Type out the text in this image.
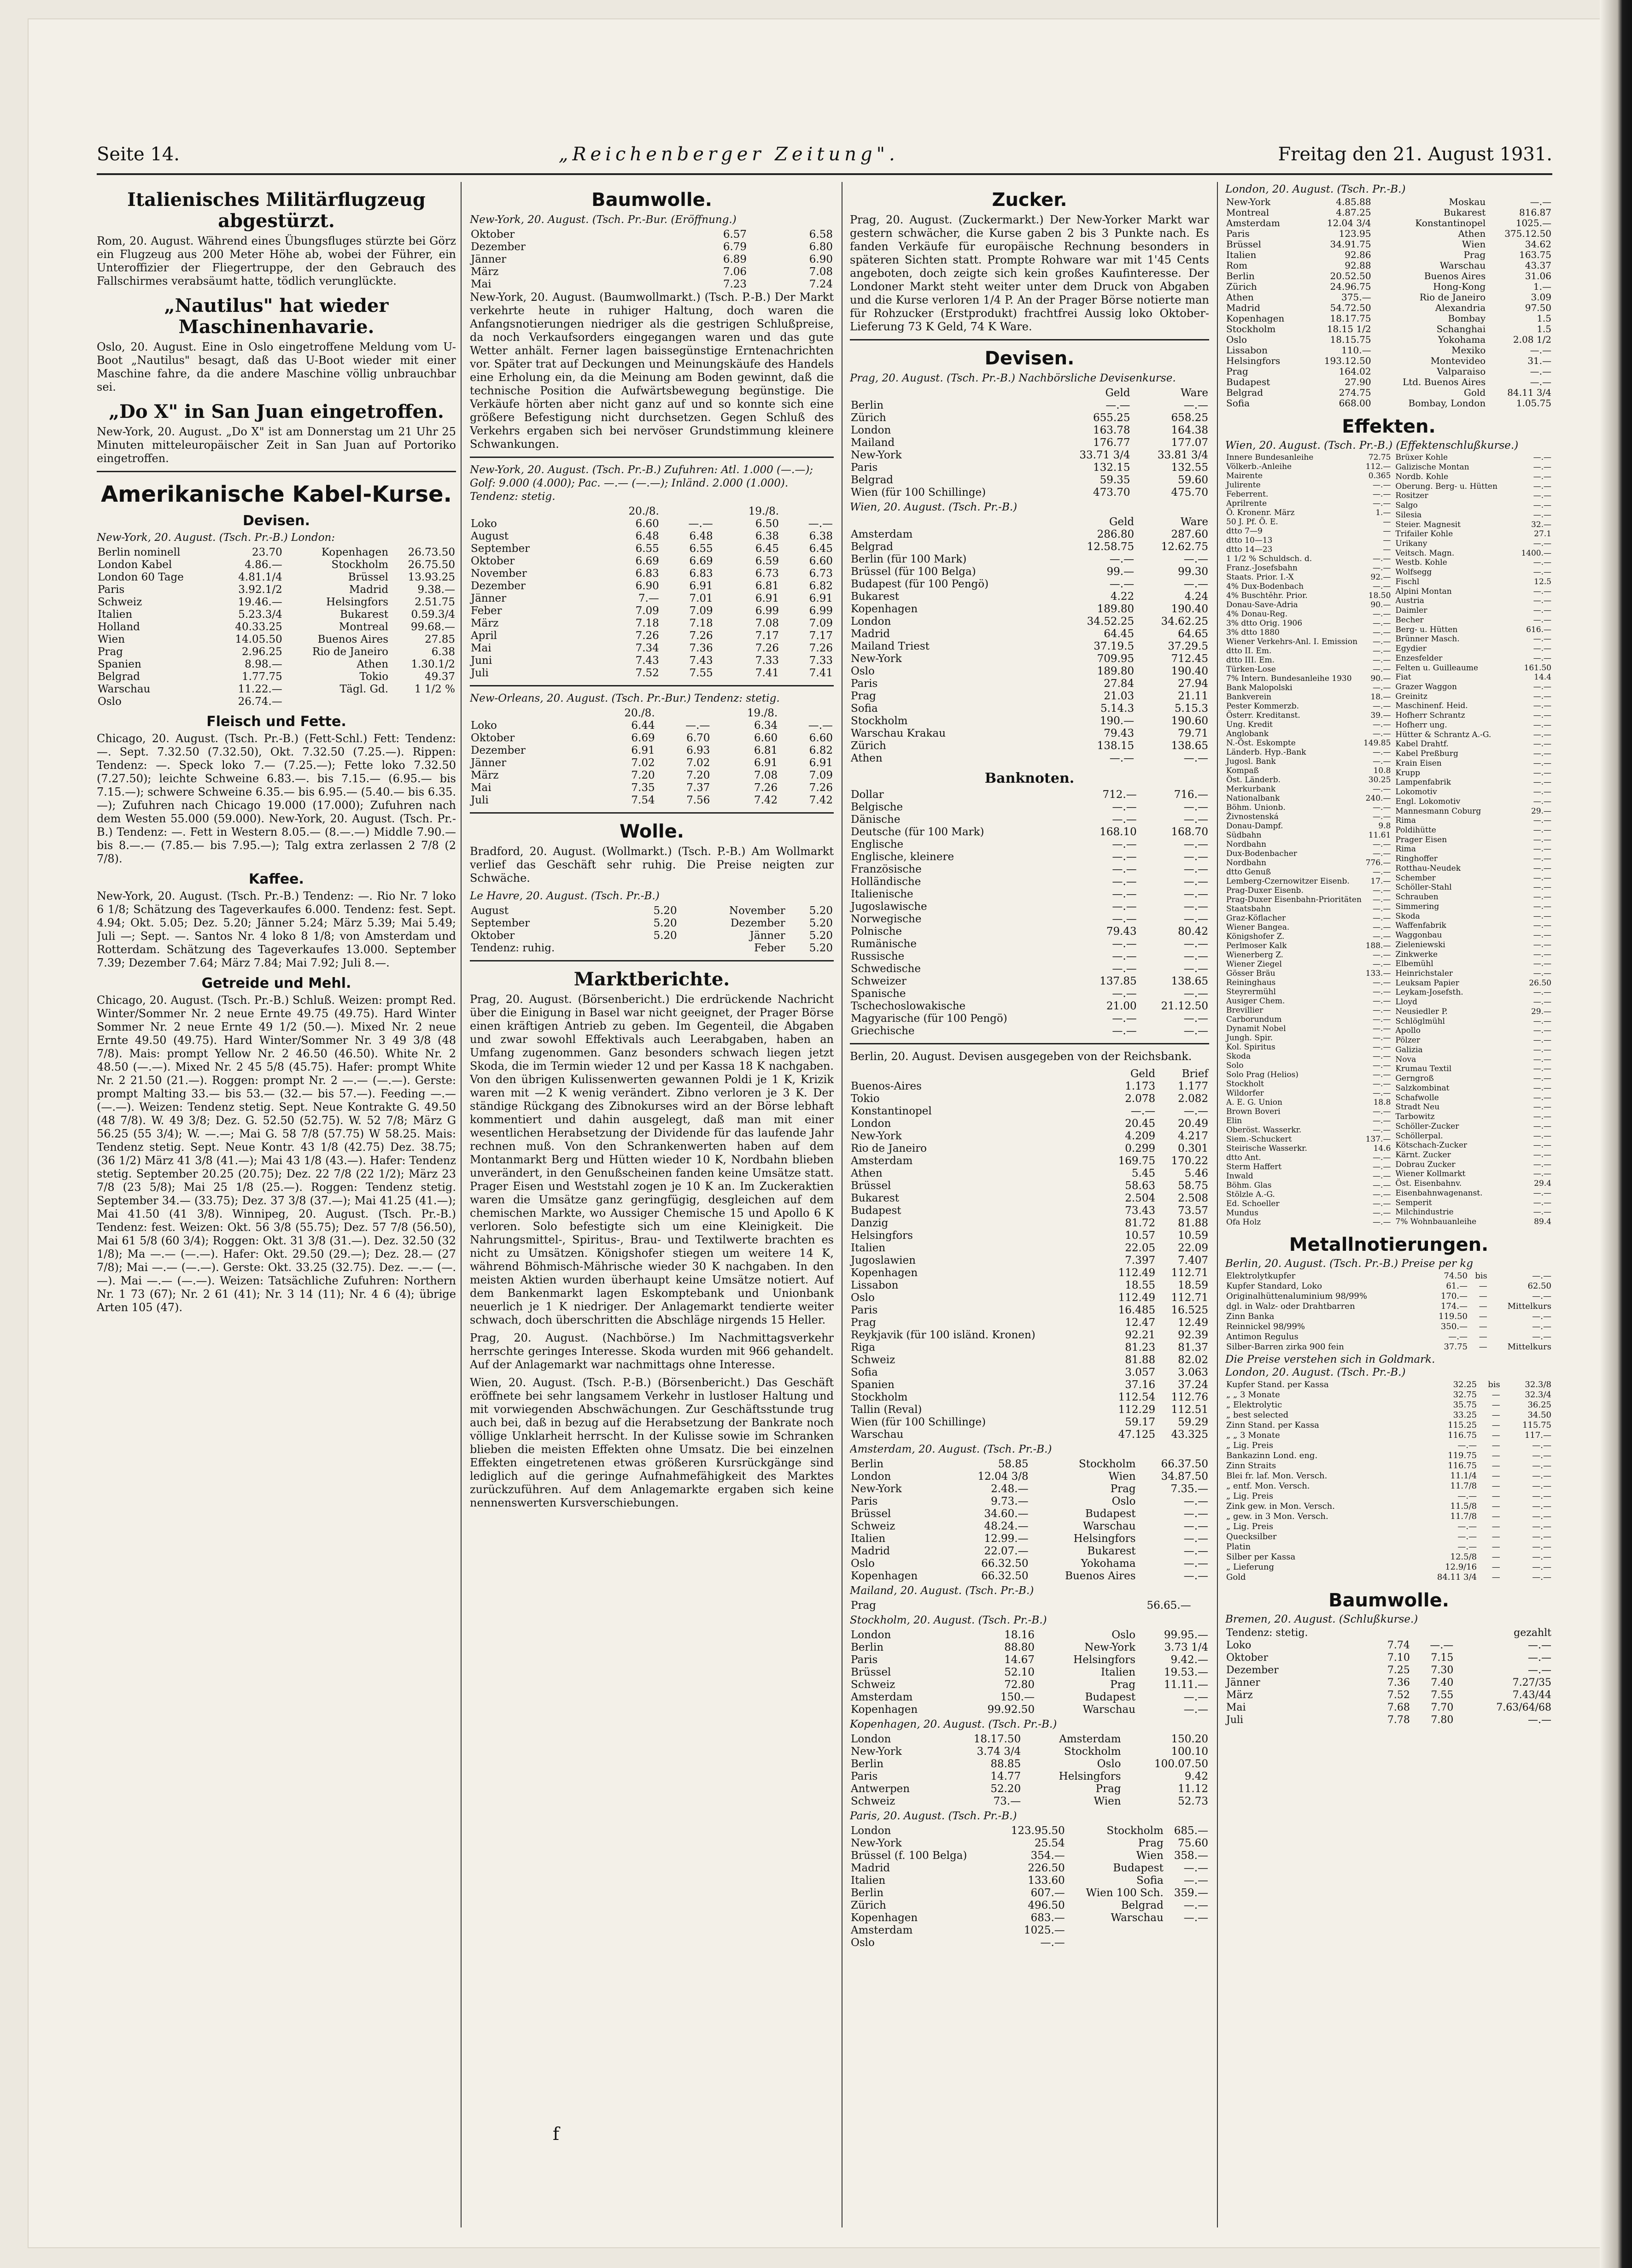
Seite 14.	„Reichenberger Zeitung".	Freitag den 21. August 1931.
Italienisches Militärflugzeug abgestürzt.

Rom, 20. August. Während eines Übungsfluges stürzte bei Görz ein Flugzeug aus 200 Meter Höhe ab, wobei der Führer, ein Unteroffizier der Fliegertruppe, der den Gebrauch des Fallschirmes verabsäumt hatte, tödlich verunglückte.

„Nautilus" hat wieder Maschinenhavarie.

Oslo, 20. August. Eine in Oslo eingetroffene Meldung vom U-Boot „Nautilus" besagt, daß das U-Boot wieder mit einer Maschine fahre, da die andere Maschine völlig unbrauchbar sei.

„Do X" in San Juan eingetroffen.

New-York, 20. August. „Do X" ist am Donnerstag um 21 Uhr 25 Minuten mitteleuropäischer Zeit in San Juan auf Portoriko eingetroffen.

Amerikanische Kabel-Kurse.
Devisen.
New-York, 20. August. (Tsch. Pr.-B.) London:
Berlin nominell	23.70	Kopenhagen	26.73.50
London Kabel	4.86.—	Stockholm	26.75.50
London 60 Tage	4.81.1/4	Brüssel	13.93.25
Paris	3.92.1/2	Madrid	9.38.—
Schweiz	19.46.—	Helsingfors	2.51.75
Italien	5.23.3/4	Bukarest	0.59.3/4
Holland	40.33.25	Montreal	99.68.—
Wien	14.05.50	Buenos Aires	27.85
Prag	2.96.25	Rio de Janeiro	6.38
Spanien	8.98.—	Athen	1.30.1/2
Belgrad	1.77.75	Tokio	49.37
Warschau	11.22.—	Tägl. Gd.	1 1/2 %
Oslo	26.74.—		
Fleisch und Fette.

Chicago, 20. August. (Tsch. Pr.-B.) (Fett-Schl.) Fett: Tendenz: —. Sept. 7.32.50 (7.32.50), Okt. 7.32.50 (7.25.—). Rippen: Tendenz: —. Speck loko 7.— (7.25.—); Fette loko 7.32.50 (7.27.50); leichte Schweine 6.83.—. bis 7.15.— (6.95.— bis 7.15.—); schwere Schweine 6.35.— bis 6.95.— (5.40.— bis 6.35.—); Zufuhren nach Chicago 19.000 (17.000); Zufuhren nach dem Westen 55.000 (59.000). New-York, 20. August. (Tsch. Pr.-B.) Tendenz: —. Fett in Western 8.05.— (8.—.—) Middle 7.90.— bis 8.—.— (7.85.— bis 7.95.—); Talg extra zerlassen 2 7/8 (2 7/8).

Kaffee.

New-York, 20. August. (Tsch. Pr.-B.) Tendenz: —. Rio Nr. 7 loko 6 1/8; Schätzung des Tageverkaufes 6.000. Tendenz: fest. Sept. 4.94; Okt. 5.05; Dez. 5.20; Jänner 5.24; März 5.39; Mai 5.49; Juli —; Sept. —. Santos Nr. 4 loko 8 1/8; von Amsterdam und Rotterdam. Schätzung des Tageverkaufes 13.000. September 7.39; Dezember 7.64; März 7.84; Mai 7.92; Juli 8.—.

Getreide und Mehl.

Chicago, 20. August. (Tsch. Pr.-B.) Schluß. Weizen: prompt Red. Winter/Sommer Nr. 2 neue Ernte 49.75 (49.75). Hard Winter Sommer Nr. 2 neue Ernte 49 1/2 (50.—). Mixed Nr. 2 neue Ernte 49.50 (49.75). Hard Winter/Sommer Nr. 3 49 3/8 (48 7/8). Mais: prompt Yellow Nr. 2 46.50 (46.50). White Nr. 2 48.50 (—.—). Mixed Nr. 2 45 5/8 (45.75). Hafer: prompt White Nr. 2 21.50 (21.—). Roggen: prompt Nr. 2 —.— (—.—). Gerste: prompt Malting 33.— bis 53.— (32.— bis 57.—). Feeding —.— (—.—). Weizen: Tendenz stetig. Sept. Neue Kontrakte G. 49.50 (48 7/8). W. 49 3/8; Dez. G. 52.50 (52.75). W. 52 7/8; März G 56.25 (55 3/4); W. —.—; Mai G. 58 7/8 (57.75) W 58.25. Mais: Tendenz stetig. Sept. Neue Kontr. 43 1/8 (42.75) Dez. 38.75; (36 1/2) März 41 3/8 (41.—); Mai 43 1/8 (43.—). Hafer: Tendenz stetig. September 20.25 (20.75); Dez. 22 7/8 (22 1/2); März 23 7/8 (23 5/8); Mai 25 1/8 (25.—). Roggen: Tendenz stetig. September 34.— (33.75); Dez. 37 3/8 (37.—); Mai 41.25 (41.—); Mai 41.50 (41 3/8). Winnipeg, 20. August. (Tsch. Pr.-B.) Tendenz: fest. Weizen: Okt. 56 3/8 (55.75); Dez. 57 7/8 (56.50), Mai 61 5/8 (60 3/4); Roggen: Okt. 31 3/8 (31.—). Dez. 32.50 (32 1/8); Ma —.— (—.—). Hafer: Okt. 29.50 (29.—); Dez. 28.— (27 7/8); Mai —.— (—.—). Gerste: Okt. 33.25 (32.75). Dez. —.— (—.—). Mai —.— (—.—). Weizen: Tatsächliche Zufuhren: Northern Nr. 1 73 (67); Nr. 2 61 (41); Nr. 3 14 (11); Nr. 4 6 (4); übrige Arten 105 (47).

Baumwolle.
New-York, 20. August. (Tsch. Pr.-Bur. (Eröffnung.)
Oktober	6.57	6.58
Dezember	6.79	6.80
Jänner	6.89	6.90
März	7.06	7.08
Mai	7.23	7.24

New-York, 20. August. (Baumwollmarkt.) (Tsch. P.-B.) Der Markt verkehrte heute in ruhiger Haltung, doch waren die Anfangsnotierungen niedriger als die gestrigen Schlußpreise, da noch Verkaufsorders eingegangen waren und das gute Wetter anhält. Ferner lagen baissegünstige Erntenachrichten vor. Später trat auf Deckungen und Meinungskäufe des Handels eine Erholung ein, da die Meinung am Boden gewinnt, daß die technische Position die Aufwärtsbewegung begünstige. Die Verkäufe hörten aber nicht ganz auf und so konnte sich eine größere Befestigung nicht durchsetzen. Gegen Schluß des Verkehrs ergaben sich bei nervöser Grundstimmung kleinere Schwankungen.

New-York, 20. August. (Tsch. Pr.-B.) Zufuhren: Atl. 1.000 (—.—); Golf: 9.000 (4.000); Pac. —.— (—.—); Inländ. 2.000 (1.000). Tendenz: stetig.
	20./8.		19./8.	
Loko	6.60	—.—	6.50	—.—
August	6.48	6.48	6.38	6.38
September	6.55	6.55	6.45	6.45
Oktober	6.69	6.69	6.59	6.60
November	6.83	6.83	6.73	6.73
Dezember	6.90	6.91	6.81	6.82
Jänner	7.—	7.01	6.91	6.91
Feber	7.09	7.09	6.99	6.99
März	7.18	7.18	7.08	7.09
April	7.26	7.26	7.17	7.17
Mai	7.34	7.36	7.26	7.26
Juni	7.43	7.43	7.33	7.33
Juli	7.52	7.55	7.41	7.41
New-Orleans, 20. August. (Tsch. Pr.-Bur.) Tendenz: stetig.
	20./8.		19./8.	
Loko	6.44	—.—	6.34	—.—
Oktober	6.69	6.70	6.60	6.60
Dezember	6.91	6.93	6.81	6.82
Jänner	7.02	7.02	6.91	6.91
März	7.20	7.20	7.08	7.09
Mai	7.35	7.37	7.26	7.26
Juli	7.54	7.56	7.42	7.42
Wolle.

Bradford, 20. August. (Wollmarkt.) (Tsch. P.-B.) Am Wollmarkt verlief das Geschäft sehr ruhig. Die Preise neigten zur Schwäche.

Le Havre, 20. August. (Tsch. Pr.-B.)
August	5.20	November	5.20
September	5.20	Dezember	5.20
Oktober	5.20	Jänner	5.20
Tendenz: ruhig.		Feber	5.20
Marktberichte.

Prag, 20. August. (Börsenbericht.) Die erdrückende Nachricht über die Einigung in Basel war nicht geeignet, der Prager Börse einen kräftigen Antrieb zu geben. Im Gegenteil, die Abgaben und zwar sowohl Effektivals auch Leerabgaben, haben an Umfang zugenommen. Ganz besonders schwach liegen jetzt Skoda, die im Termin wieder 12 und per Kassa 18 K nachgaben. Von den übrigen Kulissenwerten gewannen Poldi je 1 K, Krizik waren mit —2 K wenig verändert. Zibno verloren je 3 K. Der ständige Rückgang des Zibnokurses wird an der Börse lebhaft kommentiert und dahin ausgelegt, daß man mit einer wesentlichen Herabsetzung der Dividende für das laufende Jahr rechnen muß. Von den Schrankenwerten haben auf dem Montanmarkt Berg und Hütten wieder 10 K, Nordbahn blieben unverändert, in den Genußscheinen fanden keine Umsätze statt. Prager Eisen und Weststahl zogen je 10 K an. Im Zuckeraktien waren die Umsätze ganz geringfügig, desgleichen auf dem chemischen Markte, wo Aussiger Chemische 15 und Apollo 6 K verloren. Solo befestigte sich um eine Kleinigkeit. Die Nahrungsmittel-, Spiritus-, Brau- und Textilwerte brachten es nicht zu Umsätzen. Königshofer stiegen um weitere 14 K, während Böhmisch-Mährische wieder 30 K nachgaben. In den meisten Aktien wurden überhaupt keine Umsätze notiert. Auf dem Bankenmarkt lagen Eskomptebank und Unionbank neuerlich je 1 K niedriger. Der Anlagemarkt tendierte weiter schwach, doch überschritten die Abschläge nirgends 15 Heller.

Prag, 20. August. (Nachbörse.) Im Nachmittagsverkehr herrschte geringes Interesse. Skoda wurden mit 966 gehandelt. Auf der Anlagemarkt war nachmittags ohne Interesse.

Wien, 20. August. (Tsch. P.-B.) (Börsenbericht.) Das Geschäft eröffnete bei sehr langsamem Verkehr in lustloser Haltung und mit vorwiegenden Abschwächungen. Zur Geschäftsstunde trug auch bei, daß in bezug auf die Herabsetzung der Bankrate noch völlige Unklarheit herrscht. In der Kulisse sowie im Schranken blieben die meisten Effekten ohne Umsatz. Die bei einzelnen Effekten eingetretenen etwas größeren Kursrückgänge sind lediglich auf die geringe Aufnahmefähigkeit des Marktes zurückzuführen. Auf dem Anlagemarkte ergaben sich keine nennenswerten Kursverschiebungen.

Zucker.

Prag, 20. August. (Zuckermarkt.) Der New-Yorker Markt war gestern schwächer, die Kurse gaben 2 bis 3 Punkte nach. Es fanden Verkäufe für europäische Rechnung besonders in späteren Sichten statt. Prompte Rohware war mit 1'45 Cents angeboten, doch zeigte sich kein großes Kaufinteresse. Der Londoner Markt steht weiter unter dem Druck von Abgaben und die Kurse verloren 1/4 P. An der Prager Börse notierte man für Rohzucker (Erstprodukt) frachtfrei Aussig loko Oktober-Lieferung 73 K Geld, 74 K Ware.

Devisen.
Prag, 20. August. (Tsch. Pr.-B.) Nachbörsliche Devisenkurse.
	Geld	Ware
Berlin	—.—	—.—
Zürich	655.25	658.25
London	163.78	164.38
Mailand	176.77	177.07
New-York	33.71 3/4	33.81 3/4
Paris	132.15	132.55
Belgrad	59.35	59.60
Wien (für 100 Schillinge)	473.70	475.70
Wien, 20. August. (Tsch. Pr.-B.)
	Geld	Ware
Amsterdam	286.80	287.60
Belgrad	12.58.75	12.62.75
Berlin (für 100 Mark)	—.—	—.—
Brüssel (für 100 Belga)	99.—	99.30
Budapest (für 100 Pengö)	—.—	—.—
Bukarest	4.22	4.24
Kopenhagen	189.80	190.40
London	34.52.25	34.62.25
Madrid	64.45	64.65
Mailand Triest	37.19.5	37.29.5
New-York	709.95	712.45
Oslo	189.80	190.40
Paris	27.84	27.94
Prag	21.03	21.11
Sofia	5.14.3	5.15.3
Stockholm	190.—	190.60
Warschau Krakau	79.43	79.71
Zürich	138.15	138.65
Athen	—.—	—.—
Banknoten.
Dollar	712.—	716.—
Belgische	—.—	—.—
Dänische	—.—	—.—
Deutsche (für 100 Mark)	168.10	168.70
Englische	—.—	—.—
Englische, kleinere	—.—	—.—
Französische	—.—	—.—
Holländische	—.—	—.—
Italienische	—.—	—.—
Jugoslawische	—.—	—.—
Norwegische	—.—	—.—
Polnische	79.43	80.42
Rumänische	—.—	—.—
Russische	—.—	—.—
Schwedische	—.—	—.—
Schweizer	137.85	138.65
Spanische	—.—	—.—
Tschechoslowakische	21.00	21.12.50
Magyarische (für 100 Pengö)	—.—	—.—
Griechische	—.—	—.—

Berlin, 20. August. Devisen ausgegeben von der Reichsbank.

	Geld	Brief
Buenos-Aires	1.173	1.177
Tokio	2.078	2.082
Konstantinopel	—.—	—.—
London	20.45	20.49
New-York	4.209	4.217
Rio de Janeiro	0.299	0.301
Amsterdam	169.75	170.22
Athen	5.45	5.46
Brüssel	58.63	58.75
Bukarest	2.504	2.508
Budapest	73.43	73.57
Danzig	81.72	81.88
Helsingfors	10.57	10.59
Italien	22.05	22.09
Jugoslawien	7.397	7.407
Kopenhagen	112.49	112.71
Lissabon	18.55	18.59
Oslo	112.49	112.71
Paris	16.485	16.525
Prag	12.47	12.49
Reykjavik (für 100 isländ. Kronen)	92.21	92.39
Riga	81.23	81.37
Schweiz	81.88	82.02
Sofia	3.057	3.063
Spanien	37.16	37.24
Stockholm	112.54	112.76
Tallin (Reval)	112.29	112.51
Wien (für 100 Schillinge)	59.17	59.29
Warschau	47.125	43.325
Amsterdam, 20. August. (Tsch. Pr.-B.)
Berlin	58.85	Stockholm	66.37.50
London	12.04 3/8	Wien	34.87.50
New-York	2.48.—	Prag	7.35.—
Paris	9.73.—	Oslo	—.—
Brüssel	34.60.—	Budapest	—.—
Schweiz	48.24.—	Warschau	—.—
Italien	12.99.—	Helsingfors	—.—
Madrid	22.07.—	Bukarest	—.—
Oslo	66.32.50	Yokohama	—.—
Kopenhagen	66.32.50	Buenos Aires	—.—
Mailand, 20. August. (Tsch. Pr.-B.)
Prag	56.65.—		
Stockholm, 20. August. (Tsch. Pr.-B.)
London	18.16	Oslo	99.95.—
Berlin	88.80	New-York	3.73 1/4
Paris	14.67	Helsingfors	9.42.—
Brüssel	52.10	Italien	19.53.—
Schweiz	72.80	Prag	11.11.—
Amsterdam	150.—	Budapest	—.—
Kopenhagen	99.92.50	Warschau	—.—
Kopenhagen, 20. August. (Tsch. Pr.-B.)
London	18.17.50	Amsterdam	150.20
New-York	3.74 3/4	Stockholm	100.10
Berlin	88.85	Oslo	100.07.50
Paris	14.77	Helsingfors	9.42
Antwerpen	52.20	Prag	11.12
Schweiz	73.—	Wien	52.73
Paris, 20. August. (Tsch. Pr.-B.)
London	123.95.50	Stockholm	685.—
New-York	25.54	Prag	75.60
Brüssel (f. 100 Belga)	354.—	Wien	358.—
Madrid	226.50	Budapest	—.—
Italien	133.60	Sofia	—.—
Berlin	607.—	Wien 100 Sch.	359.—
Zürich	496.50	Belgrad	—.—
Kopenhagen	683.—	Warschau	—.—
Amsterdam	1025.—		
Oslo	—.—		
London, 20. August. (Tsch. Pr.-B.)
New-York	4.85.88	Moskau	—.—
Montreal	4.87.25	Bukarest	816.87
Amsterdam	12.04 3/4	Konstantinopel	1025.—
Paris	123.95	Athen	375.12.50
Brüssel	34.91.75	Wien	34.62
Italien	92.86	Prag	163.75
Rom	92.88	Warschau	43.37
Berlin	20.52.50	Buenos Aires	31.06
Zürich	24.96.75	Hong-Kong	1.—
Athen	375.—	Rio de Janeiro	3.09
Madrid	54.72.50	Alexandria	97.50
Kopenhagen	18.17.75	Bombay	1.5
Stockholm	18.15 1/2	Schanghai	1.5
Oslo	18.15.75	Yokohama	2.08 1/2
Lissabon	110.—	Mexiko	—.—
Helsingfors	193.12.50	Montevideo	31.—
Prag	164.02	Valparaiso	—.—
Budapest	27.90	Ltd. Buenos Aires	—.—
Belgrad	274.75	Gold	84.11 3/4
Sofia	668.00	Bombay, London	1.05.75
Effekten.
Wien, 20. August. (Tsch. Pr.-B.) (Effektenschlußkurse.)
Innere Bundesanleihe	72.75
Völkerb.-Anleihe	112.—
Mairente	0.365
Julirente	—.—
Feberrent.	—.—
Aprilrente	—.—
Ö. Kronenr. März	1.—
50 J. Pf. Ö. E.	—
dtto 7—9	—
dtto 10—13	—
dtto 14—23	—
1 1/2 % Schuldsch. d.	—.—
Franz.-Josefsbahn	—.—
Staats. Prior. I.-X	92.—
4% Dux-Bodenbach	—.—
4% Buschtěhr. Prior.	18.50
Donau-Save-Adria	90.—
4% Donau-Reg.	—.—
3% dtto Orig. 1906	—.—
3% dtto 1880	—.—
Wiener Verkehrs-Anl. I. Emission	—.—
dtto II. Em.	—.—
dtto III. Em.	—.—
Türken-Lose	—.—
7% Intern. Bundesanleihe 1930	90.—
Bank Malopolski	—.—
Bankverein	18.—
Pester Kommerzb.	—.—
Österr. Kreditanst.	39.—
Ung. Kredit	—.—
Anglobank	—.—
N.-Öst. Eskompte	149.85
Länderb. Hyp.-Bank	—.—
Jugosl. Bank	—.—
Kompaß	10.8
Öst. Länderb.	30.25
Merkurbank	—.—
Nationalbank	240.—
Böhm. Unionb.	—.—
Živnostenská	—.—
Donau-Dampf.	9.8
Südbahn	11.61
Nordbahn	—.—
Dux-Bodenbacher	—.—
Nordbahn	776.—
dtto Genuß	—.—
Lemberg-Czernowitzer Eisenb.	17.—
Prag-Duxer Eisenb.	—.—
Prag-Duxer Eisenbahn-Prioritäten	—.—
Staatsbahn	—.—
Graz-Köflacher	—.—
Wiener Bangea.	—.—
Königshofer Z.	—.—
Perlmoser Kalk	188.—
Wienerberg Z.	—.—
Wiener Ziegel	—.—
Gösser Bräu	133.—
Reininghaus	—.—
Steyrermühl	—.—
Ausiger Chem.	—.—
Brevillier	—.—
Carborundum	—.—
Dynamit Nobel	—.—
Jungh. Spir.	—.—
Kol. Spiritus	—.—
Skoda	—.—
Solo	—.—
Solo Prag (Helios)	—.—
Stockholt	—.—
Wildorfer	—.—
A. E. G. Union	18.8
Brown Boveri	—.—
Elin	—.—
Oberöst. Wasserkr.	—.—
Siem.-Schuckert	137.—
Steirische Wasserkr.	14.6
dtto Ant.	—.—
Sterm Haffert	—.—
Inwald	—.—
Böhm. Glas	—.—
Stölzle A.-G.	—.—
Ed. Schoeller	—.—
Mundus	—.—
Ofa Holz	—.—
Brüxer Kohle	—.—
Galizische Montan	—.—
Nordb. Kohle	—.—
Oberung. Berg- u. Hütten	—.—
Rositzer	—.—
Salgo	—.—
Silesia	—.—
Steier. Magnesit	32.—
Trifailer Kohle	27.1
Urikany	—.—
Veitsch. Magn.	1400.—
Westb. Kohle	—.—
Wolfsegg	—.—
Fischl	12.5
Alpini Montan	—.—
Austria	—.—
Daimler	—.—
Becher	—.—
Berg- u. Hütten	616.—
Brünner Masch.	—.—
Egydier	—.—
Enzesfelder	—.—
Felten u. Guilleaume	161.50
Fiat	14.4
Grazer Waggon	—.—
Greinitz	—.—
Maschinenf. Heid.	—.—
Hofherr Schrantz	—.—
Hofherr ung.	—.—
Hütter & Schrantz A.-G.	—.—
Kabel Drahtf.	—.—
Kabel Preßburg	—.—
Krain Eisen	—.—
Krupp	—.—
Lampenfabrik	—.—
Lokomotiv	—.—
Engl. Lokomotiv	—.—
Mannesmann Coburg	29.—
Rima	—.—
Poldihütte	—.—
Prager Eisen	—.—
Rima	—.—
Ringhoffer	—.—
Rotthau-Neudek	—.—
Schember	—.—
Schöller-Stahl	—.—
Schrauben	—.—
Simmering	—.—
Skoda	—.—
Waffenfabrik	—.—
Waggonbau	—.—
Zieleniewski	—.—
Zinkwerke	—.—
Elbemühl	—.—
Heinrichstaler	—.—
Leuksam Papier	26.50
Leykam-Josefsth.	—.—
Lloyd	—.—
Neusiedler P.	29.—
Schlöglmühl	—.—
Apollo	—.—
Pölzer	—.—
Galizia	—.—
Nova	—.—
Krumau Textil	—.—
Gerngroß	—.—
Salzkombinat	—.—
Schafwolle	—.—
Stradt Neu	—.—
Tarbowitz	—.—
Schöller-Zucker	—.—
Schöllerpal.	—.—
Kötschach-Zucker	—.—
Kärnt. Zucker	—.—
Dobrau Zucker	—.—
Wiener Kollmarkt	—.—
Öst. Eisenbahnv.	29.4
Eisenbahnwagenanst.	—.—
Semperit	—.—
Milchindustrie	—.—
7% Wohnbauanleihe	89.4
Metallnotierungen.
Berlin, 20. August. (Tsch. Pr.-B.) Preise per kg
Elektrolytkupfer	74.50	bis	—.—
Kupfer Standard, Loko	61.—	—	62.50
Originalhüttenaluminium 98/99%	170.—	—	—.—
dgl. in Walz- oder Drahtbarren	174.—	—	Mittelkurs
Zinn Banka	119.50	—	—.—
Reinnickel 98/99%	350.—	—	—.—
Antimon Regulus	—.—	—	—.—
Silber-Barren zirka 900 fein	37.75	—	Mittelkurs
Die Preise verstehen sich in Goldmark.
London, 20. August. (Tsch. Pr.-B.)
Kupfer Stand. per Kassa	32.25	bis	32.3/8
„ „ 3 Monate	32.75	—	32.3/4
„ Elektrolytic	35.75	—	36.25
„ best selected	33.25	—	34.50
Zinn Stand. per Kassa	115.25	—	115.75
„ „ 3 Monate	116.75	—	117.—
„ Lig. Preis	—.—	—	—.—
Bankazinn Lond. eng.	119.75	—	—.—
Zinn Straits	116.75	—	—.—
Blei fr. laf. Mon. Versch.	11.1/4	—	—.—
„ entf. Mon. Versch.	11.7/8	—	—.—
„ Lig. Preis	—.—	—	—.—
Zink gew. in Mon. Versch.	11.5/8	—	—.—
„ gew. in 3 Mon. Versch.	11.7/8	—	—.—
„ Lig. Preis	—.—	—	—.—
Quecksilber	—.—	—	—.—
Platin	—.—	—	—.—
Silber per Kassa	12.5/8	—	—.—
„ Lieferung	12.9/16	—	—.—
Gold	84.11 3/4	—	—.—
Baumwolle.
Bremen, 20. August. (Schlußkurse.)
Tendenz: stetig.			gezahlt
Loko	7.74	—.—	—.—
Oktober	7.10	7.15	—.—
Dezember	7.25	7.30	—.—
Jänner	7.36	7.40	7.27/35
März	7.52	7.55	7.43/44
Mai	7.68	7.70	7.63/64/68
Juli	7.78	7.80	—.—
f
